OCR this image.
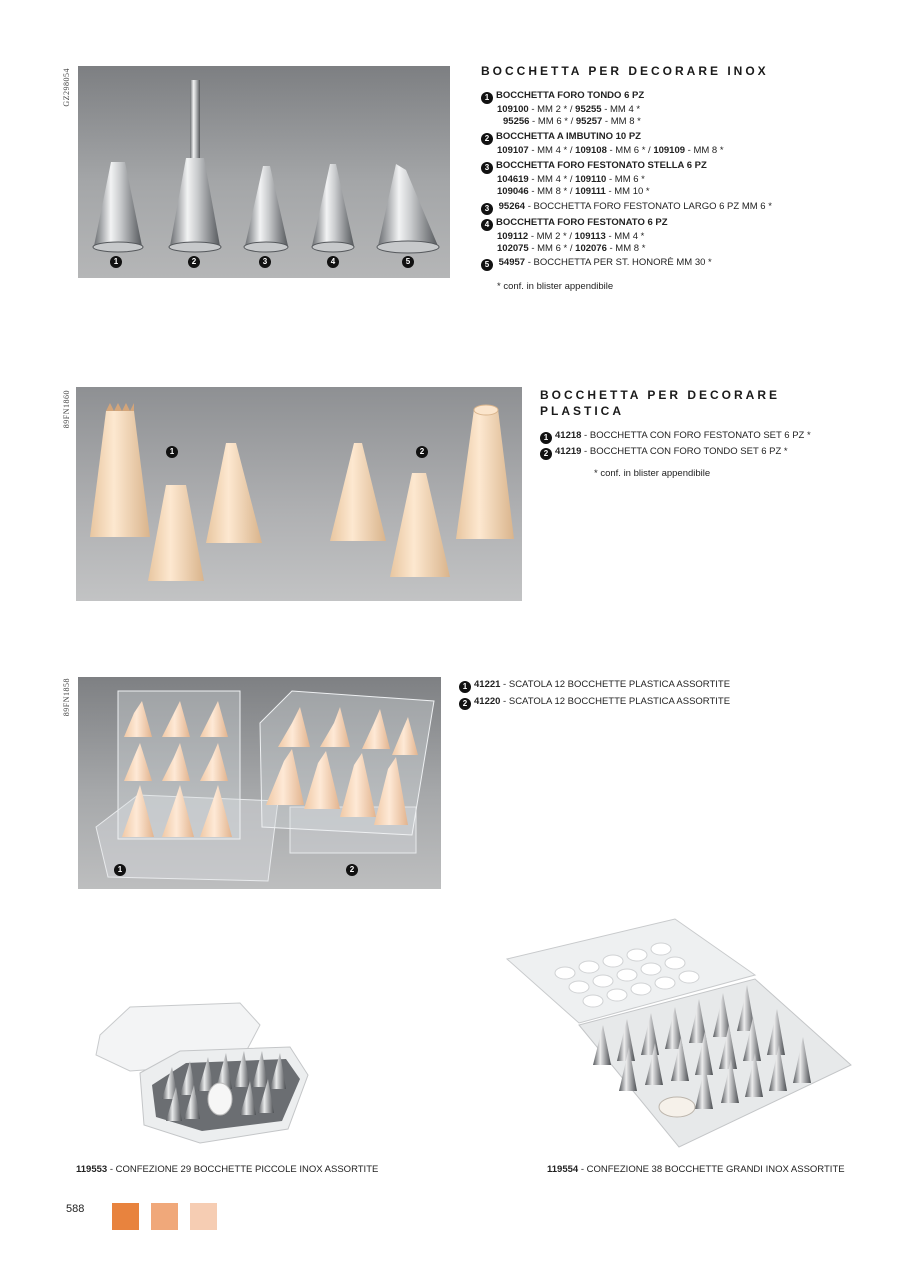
GZ298054
1	2	3	4	5
BOCCHETTA PER DECORARE INOX
1 BOCCHETTA FORO TONDO 6 PZ
109100 - MM 2 * / 95255 - MM 4 *
95256 - MM 6 * / 95257 - MM 8 *
2 BOCCHETTA A IMBUTINO 10 PZ
109107 - MM 4 * / 109108 - MM 6 * / 109109 - MM 8 *
3 BOCCHETTA FORO FESTONATO STELLA 6 PZ
104619 - MM 4 * / 109110 - MM 6 *
109046 - MM 8 * / 109111 - MM 10 *
3 95264 - BOCCHETTA FORO FESTONATO LARGO 6 PZ MM 6 *
4 BOCCHETTA FORO FESTONATO 6 PZ
109112 - MM 2 * / 109113 - MM 4 *
102075 - MM 6 * / 102076 - MM 8 *
5 54957 - BOCCHETTA PER ST. HONORÈ MM 30 *
* conf. in blister appendibile
89FN1860
1	2
BOCCHETTA PER DECORARE
PLASTICA
1 41218 - BOCCHETTA CON FORO FESTONATO SET 6 PZ *
2 41219 - BOCCHETTA CON FORO TONDO SET 6 PZ *
* conf. in blister appendibile
89FN1858
1	2
1 41221 - SCATOLA 12 BOCCHETTE PLASTICA ASSORTITE
2 41220 - SCATOLA 12 BOCCHETTE PLASTICA ASSORTITE
119553 - CONFEZIONE 29 BOCCHETTE PICCOLE INOX ASSORTITE	119554 - CONFEZIONE 38 BOCCHETTE GRANDI INOX ASSORTITE
588
